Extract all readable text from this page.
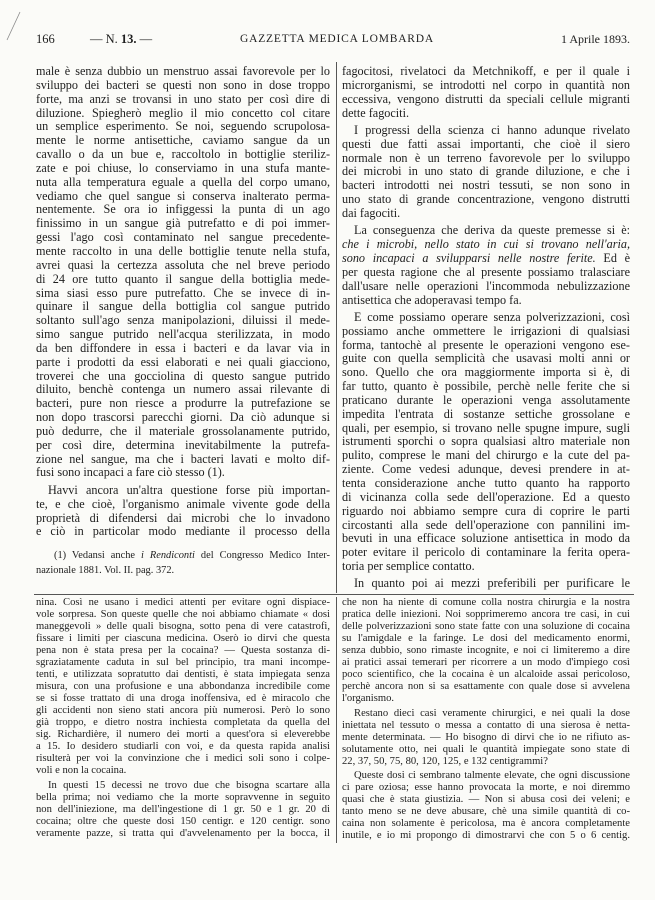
166	— N. 13. —	GAZZETTA MEDICA LOMBARDA	1 Aprile 1893.
male è senza dubbio un menstruo assai favorevole per lo
sviluppo dei bacteri se questi non sono in dose troppo
forte, ma anzi se trovansi in uno stato per così dire di
diluzione. Spiegherò meglio il mio concetto col citare
un semplice esperimento. Se noi, seguendo scrupolosa-
mente le norme antisettiche, caviamo sangue da un
cavallo o da un bue e, raccoltolo in bottiglie steriliz-
zate e poi chiuse, lo conserviamo in una stufa mante-
nuta alla temperatura eguale a quella del corpo umano,
vediamo che quel sangue si conserva inalterato perma-
nentemente. Se ora io infiggessi la punta di un ago
finissimo in un sangue già putrefatto e di poi immer-
gessi l'ago così contaminato nel sangue precedente-
mente raccolto in una delle bottiglie tenute nella stufa,
avrei quasi la certezza assoluta che nel breve periodo
di 24 ore tutto quanto il sangue della bottiglia mede-
sima siasi esso pure putrefatto. Che se invece di in-
quinare il sangue della bottiglia col sangue putrido
soltanto sull'ago senza manipolazioni, diluissi il mede-
simo sangue putrido nell'acqua sterilizzata, in modo
da ben diffondere in essa i bacteri e da lavar via in
parte i prodotti da essi elaborati e nei quali giacciono,
troverei che una gocciolina di questo sangue putrido
diluito, benchè contenga un numero assai rilevante di
bacteri, pure non riesce a produrre la putrefazione se
non dopo trascorsi parecchi giorni. Da ciò adunque si
può dedurre, che il materiale grossolanamente putrido,
per così dire, determina inevitabilmente la putrefa-
zione nel sangue, ma che i bacteri lavati e molto dif-
fusi sono incapaci a fare ciò stesso (1).
Havvi ancora un'altra questione forse più importan-
te, e che cioè, l'organismo animale vivente gode della
proprietà di difendersi dai microbi che lo invadono
e ciò in particolar modo mediante il processo della
fagocitosi, rivelatoci da Metchnikoff, e per il quale i
microrganismi, se introdotti nel corpo in quantità non
eccessiva, vengono distrutti da speciali cellule migranti
dette fagociti.
I progressi della scienza ci hanno adunque rivelato
questi due fatti assai importanti, che cioè il siero
normale non è un terreno favorevole per lo sviluppo
dei microbi in uno stato di grande diluzione, e che i
bacteri introdotti nei nostri tessuti, se non sono in
uno stato di grande concentrazione, vengono distrutti
dai fagociti.
La conseguenza che deriva da queste premesse si è:
che i microbi, nello stato in cui si trovano nell'aria,
sono incapaci a svilupparsi nelle nostre ferite. Ed è
per questa ragione che al presente possiamo tralasciare
dall'usare nelle operazioni l'incommoda nebulizzazione
antisettica che adoperavasi tempo fa.
E come possiamo operare senza polverizzazioni, così
possiamo anche ommettere le irrigazioni di qualsiasi
forma, tantochè al presente le operazioni vengono ese-
guite con quella semplicità che usavasi molti anni or
sono. Quello che ora maggiormente importa si è, di
far tutto, quanto è possibile, perchè nelle ferite che si
praticano durante le operazioni venga assolutamente
impedita l'entrata di sostanze settiche grossolane e
quali, per esempio, si trovano nelle spugne impure, sugli
istrumenti sporchi o sopra qualsiasi altro materiale non
pulito, comprese le mani del chirurgo e la cute del pa-
ziente. Come vedesi adunque, devesi prendere in at-
tenta considerazione anche tutto quanto ha rapporto
di vicinanza colla sede dell'operazione. Ed a questo
riguardo noi abbiamo sempre cura di coprire le parti
circostanti alla sede dell'operazione con pannilini im-
bevuti in una efficace soluzione antisettica in modo da
poter evitare il pericolo di contaminare la ferita opera-
toria per semplice contatto.
In quanto poi ai mezzi preferibili per purificare le
(1) Vedansi anche i Rendiconti del Congresso Medico Inter-
nazionale 1881. Vol. II. pag. 372.
nina. Così ne usano i medici attenti per evitare ogni dispiace-
vole sorpresa. Son queste quelle che noi abbiamo chiamate « dosi
maneggevoli » delle quali bisogna, sotto pena di vere catastrofi,
fissare i limiti per ciascuna medicina. Oserò io dirvi che questa
pena non è stata presa per la cocaina? — Questa sostanza di-
sgraziatamente caduta in sul bel principio, tra mani incompe-
tenti, e utilizzata sopratutto dai dentisti, è stata impiegata senza
misura, con una profusione e una abbondanza incredibile come
se si fosse trattato di una droga inoffensiva, ed è miracolo che
gli accidenti non sieno stati ancora più numerosi. Però lo sono
già troppo, e dietro nostra inchiesta completata da quella del
sig. Richardière, il numero dei morti a quest'ora si eleverebbe
a 15. Io desidero studiarli con voi, e da questa rapida analisi
risulterà per voi la convinzione che i medici soli sono i colpe-
voli e non la cocaina.
In questi 15 decessi ne trovo due che bisogna scartare alla
bella prima; noi vediamo che la morte sopravvenne in seguito
non dell'iniezione, ma dell'ingestione di 1 gr. 50 e 1 gr. 20 di
cocaina; oltre che queste dosi 150 centigr. e 120 centigr. sono
veramente pazze, si tratta qui d'avvelenamento per la bocca, il
che non ha niente di comune colla nostra chirurgia e la nostra
pratica delle iniezioni. Noi sopprimeremo ancora tre casi, in cui
delle polverizzazioni sono state fatte con una soluzione di cocaina
su l'amigdale e la faringe. Le dosi del medicamento enormi,
senza dubbio, sono rimaste incognite, e noi ci limiteremo a dire
ai pratici assai temerari per ricorrere a un modo d'impiego così
poco scientifico, che la cocaina è un alcaloide assai pericoloso,
perchè ancora non si sa esattamente con quale dose si avvelena
l'organismo.
Restano dieci casi veramente chirurgici, e nei quali la dose
iniettata nel tessuto o messa a contatto di una sierosa è netta-
mente determinata. — Ho bisogno di dirvi che io ne rifiuto as-
solutamente otto, nei quali le quantità impiegate sono state di
22, 37, 50, 75, 80, 120, 125, e 132 centigrammi?
Queste dosi ci sembrano talmente elevate, che ogni discussione
ci pare oziosa; esse hanno provocata la morte, e noi diremmo
quasi che è stata giustizia. — Non si abusa così dei veleni; e
tanto meno se ne deve abusare, chè una simile quantità di co-
caina non solamente è pericolosa, ma è ancora completamente
inutile, e io mi propongo di dimostrarvi che con 5 o 6 centig.
